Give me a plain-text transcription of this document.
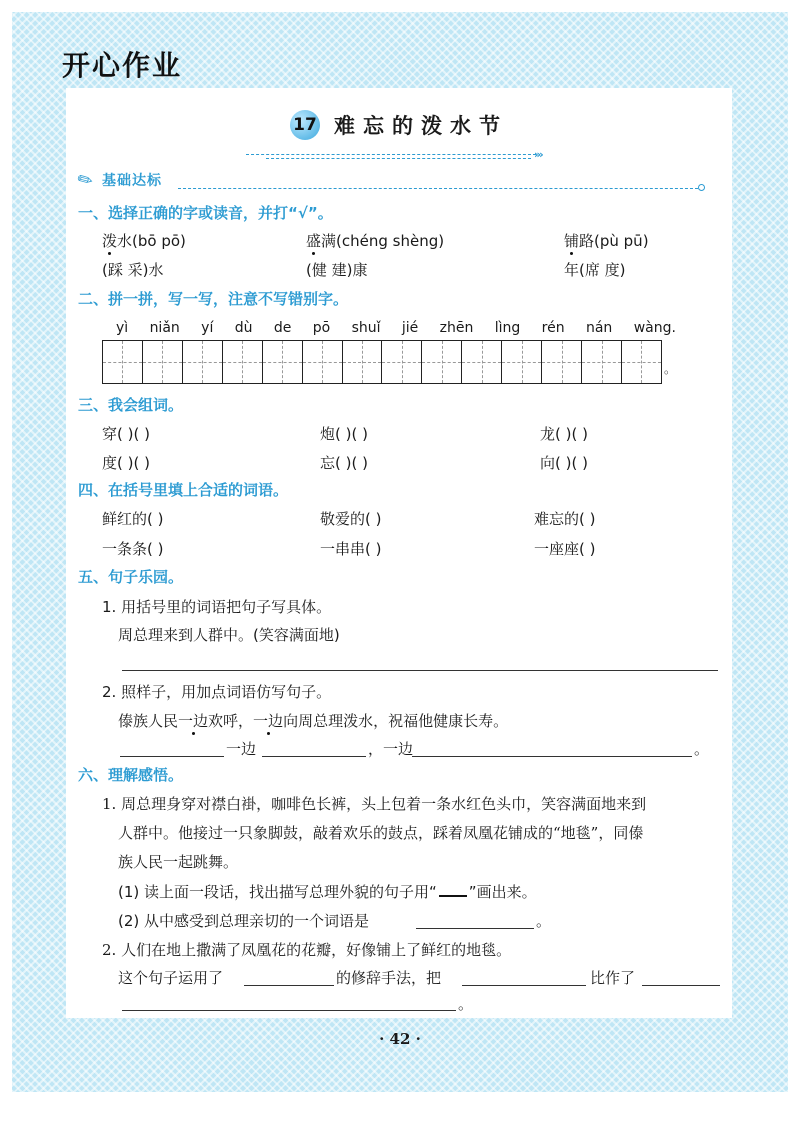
开心作业
17 难忘的泼水节
›››
✎ 基础达标
一、选择正确的字或读音，并打“√”。
泼水(bō pō)	盛满(chéng shèng)	铺路(pù pū)
(踩 采)水	(健 建)康	年(席 度)
二、拼一拼，写一写，注意不写错别字。
yì niǎn yí dù de pō shuǐ jié zhēn lìng rén nán wàng.
。
三、我会组词。
穿( )( )	炮( )( )	龙( )( )
度( )( )	忘( )( )	向( )( )
四、在括号里填上合适的词语。
鲜红的( )	敬爱的( )	难忘的( )
一条条( )	一串串( )	一座座( )
五、句子乐园。
1. 用括号里的词语把句子写具体。
周总理来到人群中。(笑容满面地)
2. 照样子，用加点词语仿写句子。
傣族人民一边欢呼，一边向周总理泼水，祝福他健康长寿。
一边	，一边	。
六、理解感悟。
1. 周总理身穿对襟白褂，咖啡色长裤，头上包着一条水红色头巾，笑容满面地来到
人群中。他接过一只象脚鼓，敲着欢乐的鼓点，踩着凤凰花铺成的“地毯”，同傣
族人民一起跳舞。
(1) 读上面一段话，找出描写总理外貌的句子用“ ”画出来。
(2) 从中感受到总理亲切的一个词语是	。
2. 人们在地上撒满了凤凰花的花瓣，好像铺上了鲜红的地毯。
这个句子运用了	的修辞手法，把	比作了
。
· 42 ·
